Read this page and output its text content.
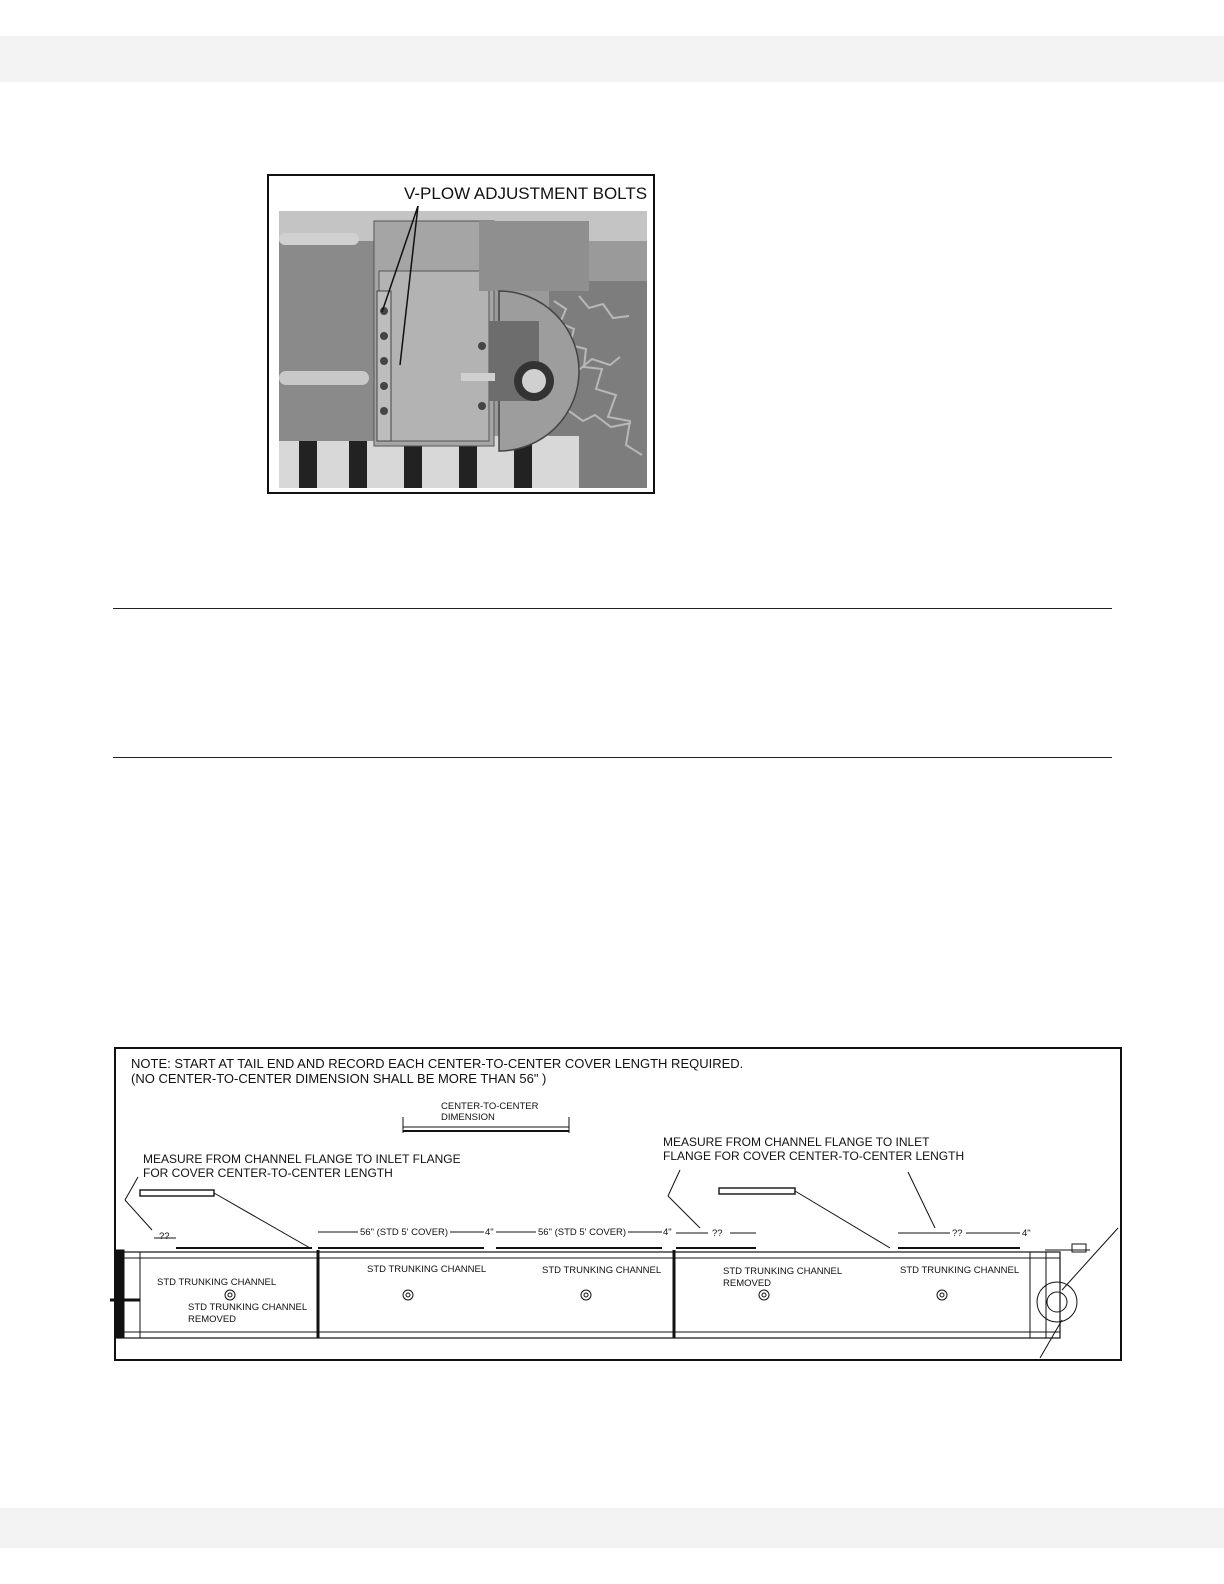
V-PLOW ADJUSTMENT BOLTS
NOTE: START AT TAIL END AND RECORD EACH CENTER-TO-CENTER COVER LENGTH REQUIRED.
(NO CENTER-TO-CENTER DIMENSION SHALL BE MORE THAN 56" )
CENTER-TO-CENTER
DIMENSION
MEASURE FROM CHANNEL FLANGE TO INLET FLANGE
FOR COVER CENTER-TO-CENTER LENGTH
MEASURE FROM CHANNEL FLANGE TO INLET
FLANGE FOR COVER CENTER-TO-CENTER LENGTH
??	56" (STD 5' COVER)	4"	56" (STD 5' COVER)	4"	??	??	4"
STD TRUNKING CHANNEL
STD TRUNKING CHANNEL
REMOVED
STD TRUNKING CHANNEL	STD TRUNKING CHANNEL	STD TRUNKING CHANNEL
REMOVED
STD TRUNKING CHANNEL
